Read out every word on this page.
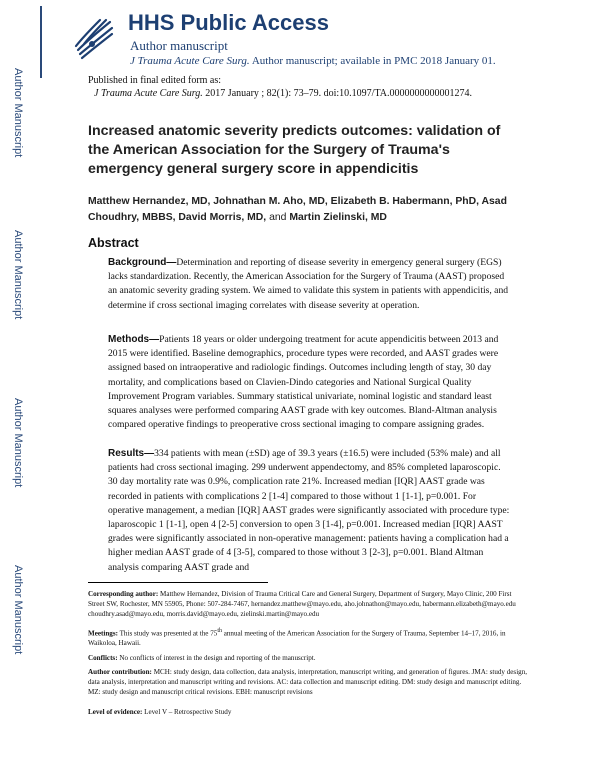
Author Manuscript
Author Manuscript
Author Manuscript
Author Manuscript
HHS Public Access
Author manuscript
J Trauma Acute Care Surg. Author manuscript; available in PMC 2018 January 01.
Published in final edited form as:
J Trauma Acute Care Surg. 2017 January ; 82(1): 73–79. doi:10.1097/TA.0000000000001274.
Increased anatomic severity predicts outcomes: validation of the American Association for the Surgery of Trauma's emergency general surgery score in appendicitis
Matthew Hernandez, MD, Johnathan M. Aho, MD, Elizabeth B. Habermann, PhD, Asad Choudhry, MBBS, David Morris, MD, and Martin Zielinski, MD
Abstract
Background—Determination and reporting of disease severity in emergency general surgery (EGS) lacks standardization. Recently, the American Association for the Surgery of Trauma (AAST) proposed an anatomic severity grading system. We aimed to validate this system in patients with appendicitis, and determine if cross sectional imaging correlates with disease severity at operation.
Methods—Patients 18 years or older undergoing treatment for acute appendicitis between 2013 and 2015 were identified. Baseline demographics, procedure types were recorded, and AAST grades were assigned based on intraoperative and radiologic findings. Outcomes including length of stay, 30 day mortality, and complications based on Clavien-Dindo categories and National Surgical Quality Improvement Program variables. Summary statistical univariate, nominal logistic and standard least squares analyses were performed comparing AAST grade with key outcomes. Bland-Altman analysis compared operative findings to preoperative cross sectional imaging to compare assigning grades.
Results—334 patients with mean (±SD) age of 39.3 years (±16.5) were included (53% male) and all patients had cross sectional imaging. 299 underwent appendectomy, and 85% completed laparoscopic. 30 day mortality rate was 0.9%, complication rate 21%. Increased median [IQR] AAST grade was recorded in patients with complications 2 [1-4] compared to those without 1 [1-1], p=0.001. For operative management, a median [IQR] AAST grades were significantly associated with procedure type: laparoscopic 1 [1-1], open 4 [2-5] conversion to open 3 [1-4], p=0.001. Increased median [IQR] AAST grades were significantly associated in non-operative management: patients having a complication had a higher median AAST grade of 4 [3-5], compared to those without 3 [2-3], p=0.001. Bland Altman analysis comparing AAST grade and
Corresponding author: Matthew Hernandez, Division of Trauma Critical Care and General Surgery, Department of Surgery, Mayo Clinic, 200 First Street SW, Rochester, MN 55905, Phone: 507-284-7467, hernandez.matthew@mayo.edu, aho.johnathon@mayo.edu, habermann.elizabeth@mayo.edu choudhry.asad@mayo.edu, morris.david@mayo.edu, zielinski.martin@mayo.edu
Meetings: This study was presented at the 75th annual meeting of the American Association for the Surgery of Trauma, September 14–17, 2016, in Waikoloa, Hawaii.
Conflicts: No conflicts of interest in the design and reporting of the manuscript.
Author contribution: MCH: study design, data collection, data analysis, interpretation, manuscript writing, and generation of figures. JMA: study design, data analysis, interpretation and manuscript writing and revisions. AC: data collection and manuscript editing. DM: study design and manuscript editing. MZ: study design and manuscript critical revisions. EBH: manuscript revisions
Level of evidence: Level V – Retrospective Study
